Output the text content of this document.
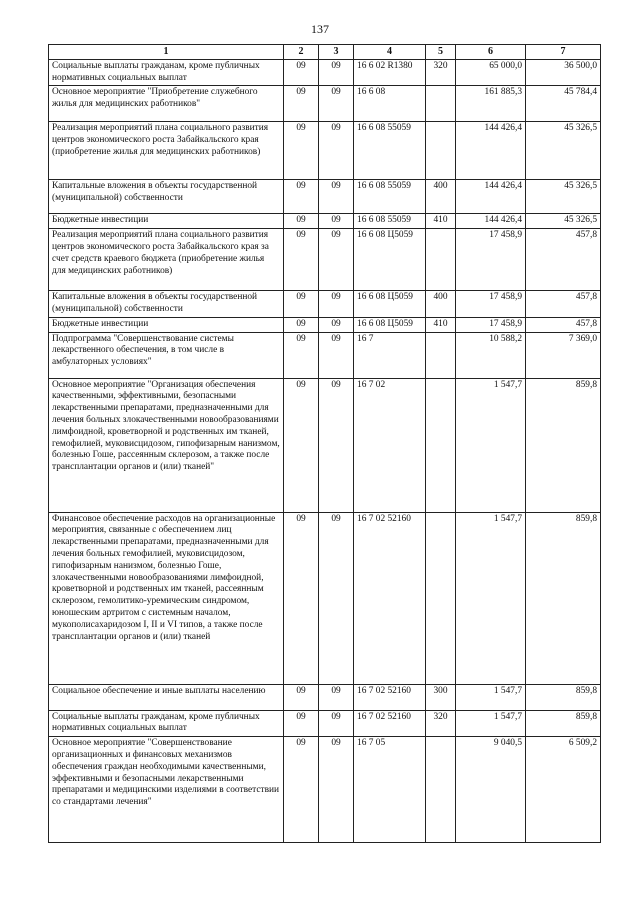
137
1	2	3	4	5	6	7
Социальные выплаты гражданам, кроме публичных нормативных социальных выплат	09	09	16 6 02 R1380	320	65 000,0	36 500,0
Основное мероприятие "Приобретение служебного жилья для медицинских работников"	09	09	16 6 08		161 885,3	45 784,4
Реализация мероприятий плана социального развития центров экономического роста Забайкальского края (приобретение жилья для медицинских работников)	09	09	16 6 08 55059		144 426,4	45 326,5
Капитальные вложения в объекты государственной (муниципальной) собственности	09	09	16 6 08 55059	400	144 426,4	45 326,5
Бюджетные инвестиции	09	09	16 6 08 55059	410	144 426,4	45 326,5
Реализация мероприятий плана социального развития центров экономического роста Забайкальского края за счет средств краевого бюджета (приобретение жилья для медицинских работников)	09	09	16 6 08 Ц5059		17 458,9	457,8
Капитальные вложения в объекты государственной (муниципальной) собственности	09	09	16 6 08 Ц5059	400	17 458,9	457,8
Бюджетные инвестиции	09	09	16 6 08 Ц5059	410	17 458,9	457,8
Подпрограмма "Совершенствование системы лекарственного обеспечения, в том числе в амбулаторных условиях"	09	09	16 7		10 588,2	7 369,0
Основное мероприятие "Организация обеспечения качественными, эффективными, безопасными лекарственными препаратами, предназначенными для лечения больных злокачественными новообразованиями лимфоидной, кроветворной и родственных им тканей, гемофилией, муковисцидозом, гипофизарным нанизмом, болезнью Гоше, рассеянным склерозом, а также после трансплантации органов и (или) тканей"	09	09	16 7 02		1 547,7	859,8
Финансовое обеспечение расходов на организационные мероприятия, связанные с обеспечением лиц лекарственными препаратами, предназначенными для лечения больных гемофилией, муковисцидозом, гипофизарным нанизмом, болезнью Гоше, злокачественными новообразованиями лимфоидной, кроветворной и родственных им тканей, рассеянным склерозом, гемолитико-уремическим синдромом, юношеским артритом с системным началом, мукополисахаридозом I, II и VI типов, а также после трансплантации органов и (или) тканей	09	09	16 7 02 52160		1 547,7	859,8
Социальное обеспечение и иные выплаты населению	09	09	16 7 02 52160	300	1 547,7	859,8
Социальные выплаты гражданам, кроме публичных нормативных социальных выплат	09	09	16 7 02 52160	320	1 547,7	859,8
Основное мероприятие "Совершенствование организационных и финансовых механизмов обеспечения граждан необходимыми качественными, эффективными и безопасными лекарственными препаратами и медицинскими изделиями в соответствии со стандартами лечения"	09	09	16 7 05		9 040,5	6 509,2
